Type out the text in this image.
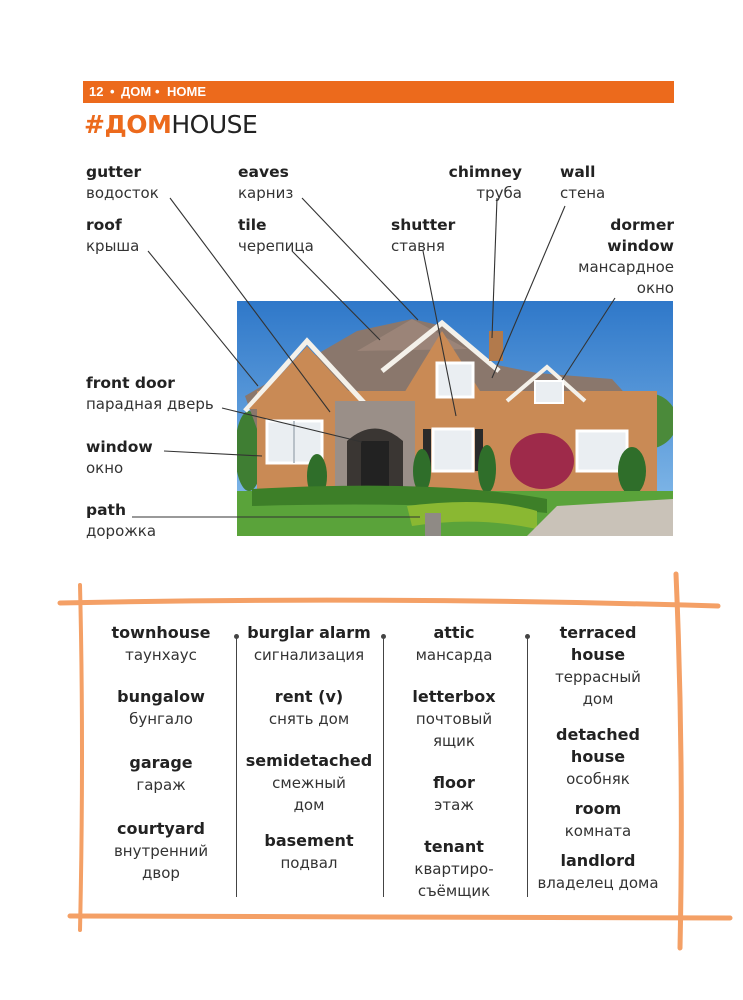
12 • ДОМ • HOME
#ДОМHOUSE
gutter
водосток
eaves
карниз
chimney
труба
wall
стена
roof
крыша
tile
черепица
shutter
ставня
dormer
window
мансардное
окно
front door
парадная дверь
window
окно
path
дорожка
townhouse
таунхаус
bungalow
бунгало
garage
гараж
courtyard
внутренний
двор
burglar alarm
сигнализация
rent (v)
снять дом
semidetached
смежный
дом
basement
подвал
attic
мансарда
letterbox
почтовый
ящик
floor
этаж
tenant
квартиро-
съёмщик
terraced
house
террасный
дом
detached
house
особняк
room
комната
landlord
владелец дома
